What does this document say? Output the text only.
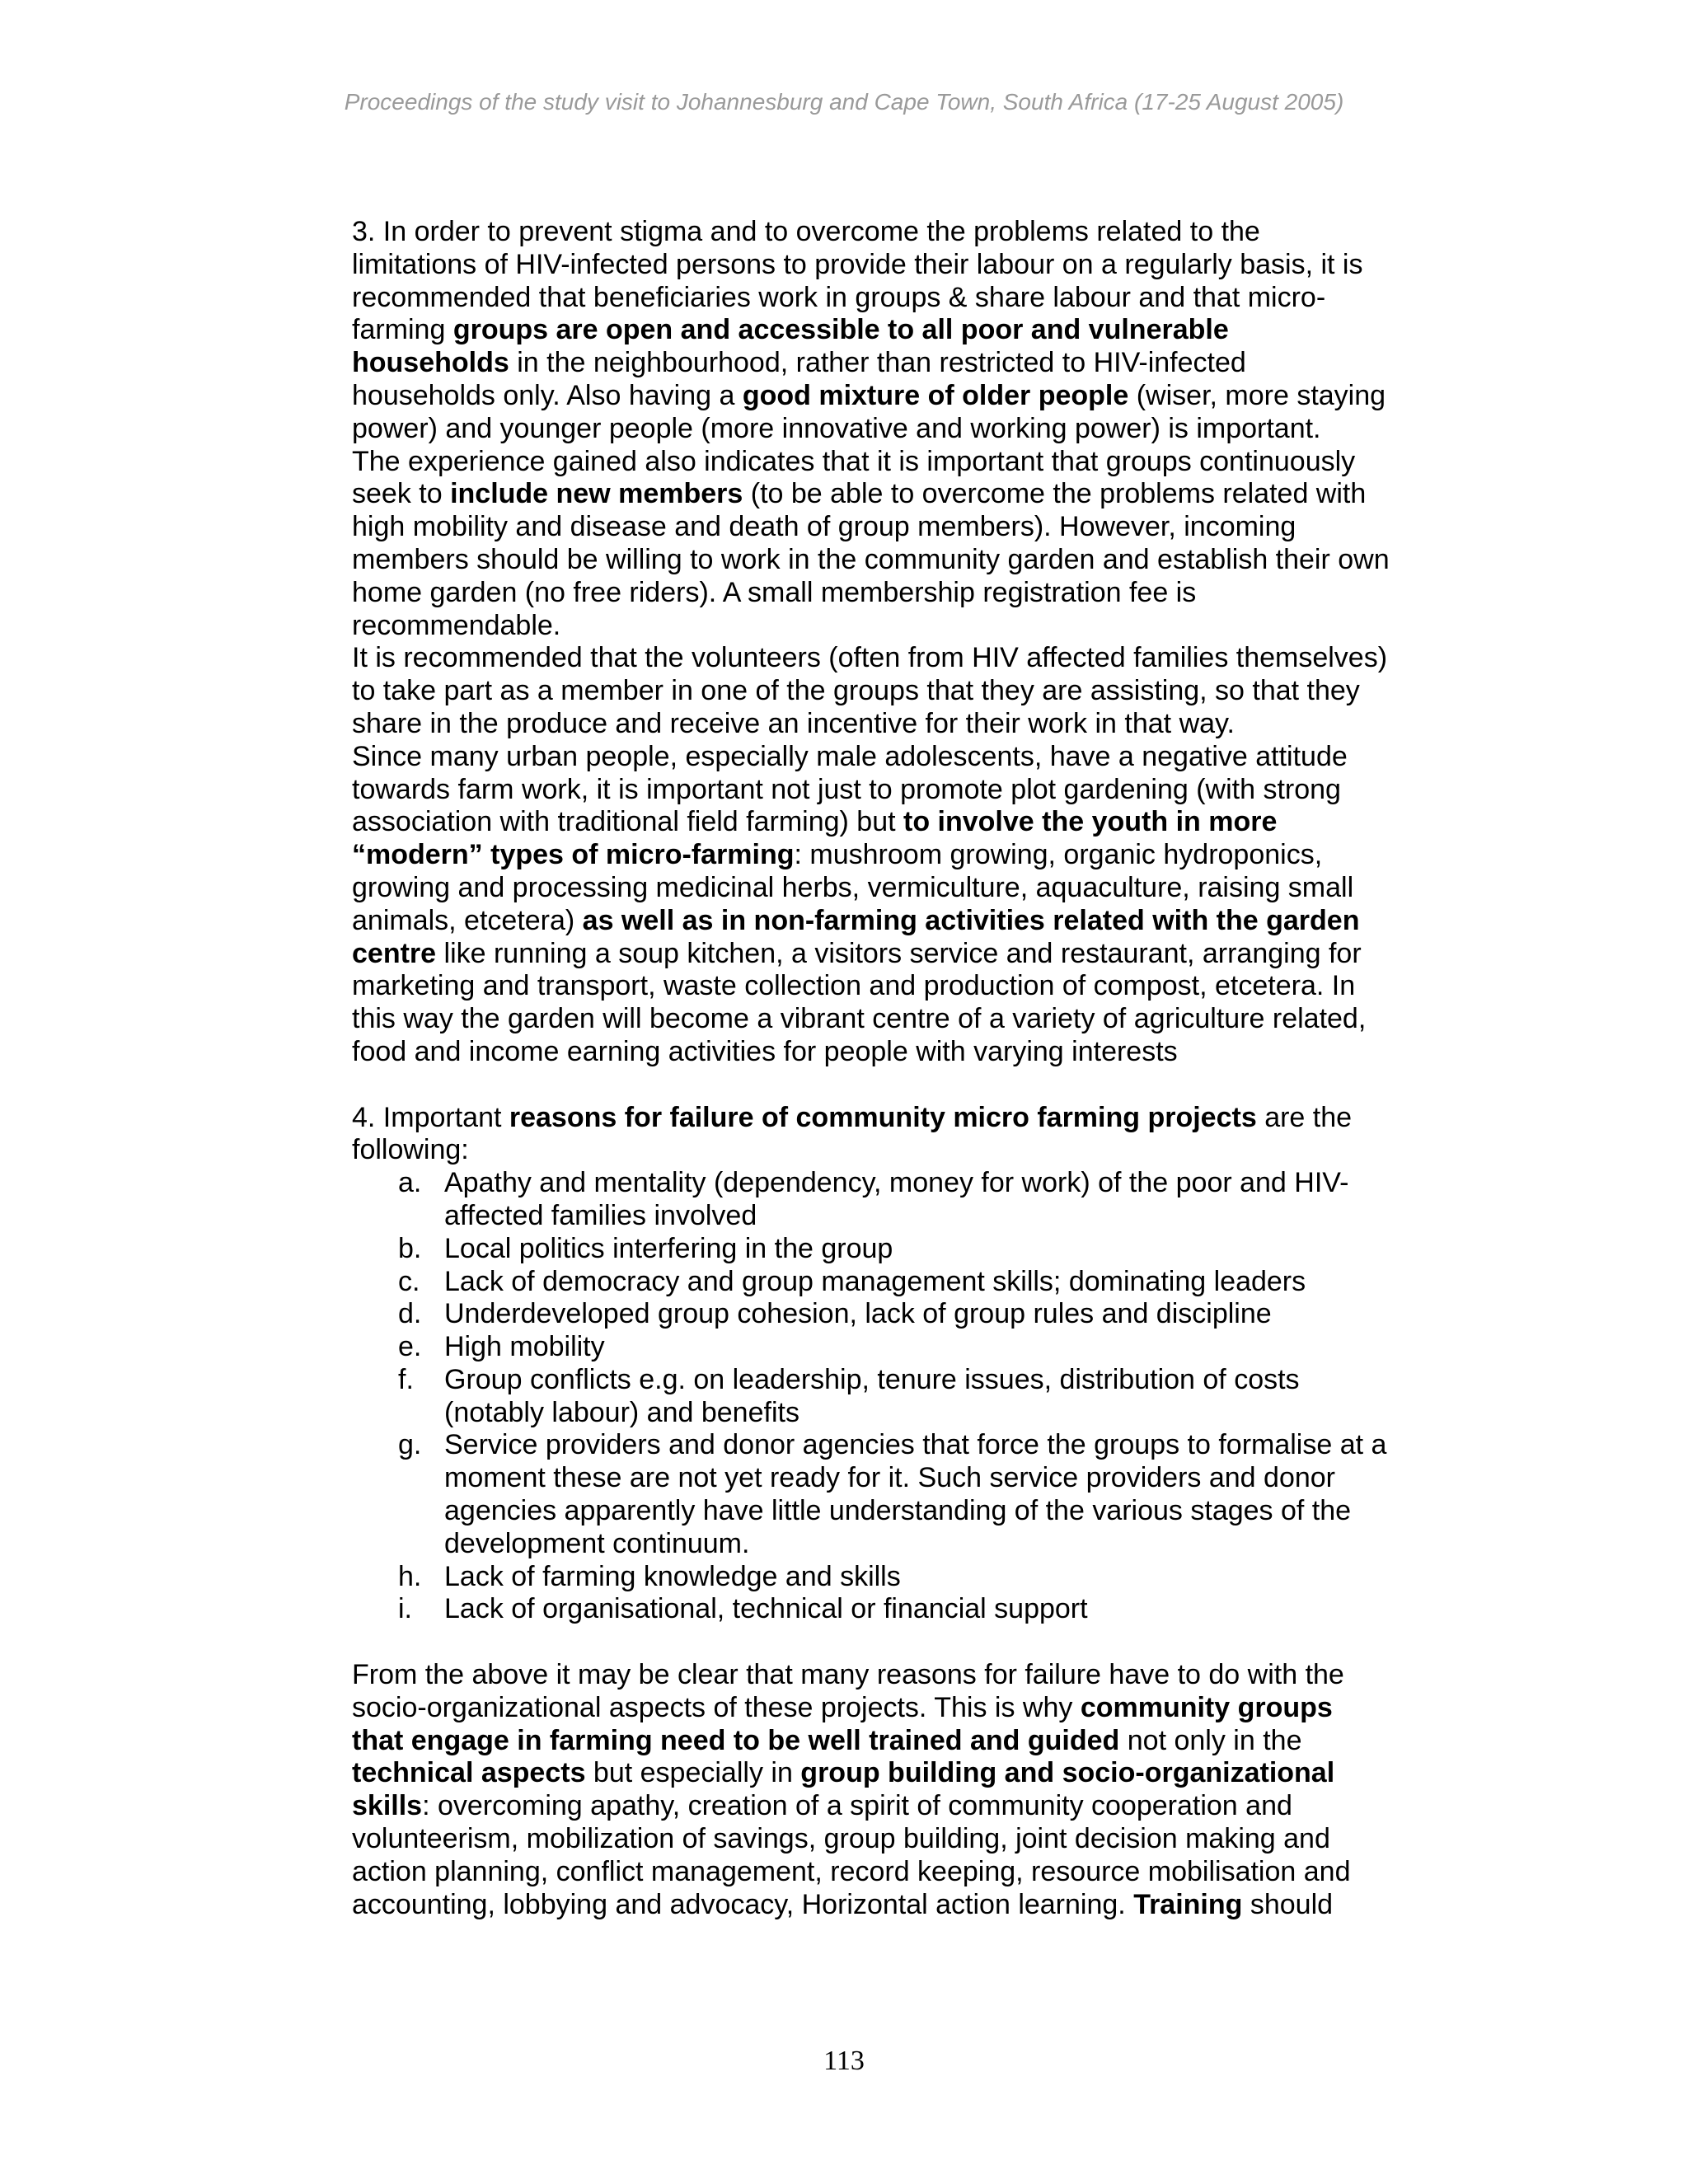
Proceedings of the study visit to Johannesburg and Cape Town, South Africa (17-25 August 2005)

3. In order to prevent stigma and to overcome the problems related to the limitations of HIV-infected persons to provide their labour on a regularly basis, it is recommended that beneficiaries work in groups & share labour and that micro-farming groups are open and accessible to all poor and vulnerable households in the neighbourhood, rather than restricted to HIV-infected households only. Also having a good mixture of older people (wiser, more staying power) and younger people (more innovative and working power) is important.

The experience gained also indicates that it is important that groups continuously seek to include new members (to be able to overcome the problems related with high mobility and disease and death of group members). However, incoming members should be willing to work in the community garden and establish their own home garden (no free riders). A small membership registration fee is recommendable.

It is recommended that the volunteers (often from HIV affected families themselves) to take part as a member in one of the groups that they are assisting, so that they share in the produce and receive an incentive for their work in that way.

Since many urban people, especially male adolescents, have a negative attitude towards farm work, it is important not just to promote plot gardening (with strong association with traditional field farming) but to involve the youth in more “modern” types of micro-farming: mushroom growing, organic hydroponics, growing and processing medicinal herbs, vermiculture, aquaculture, raising small animals, etcetera) as well as in non-farming activities related with the garden centre like running a soup kitchen, a visitors service and restaurant, arranging for marketing and transport, waste collection and production of compost, etcetera. In this way the garden will become a vibrant centre of a variety of agriculture related, food and income earning activities for people with varying interests

4. Important reasons for failure of community micro farming projects are the following:

a. Apathy and mentality (dependency, money for work) of the poor and HIV-affected families involved
b. Local politics interfering in the group
c. Lack of democracy and group management skills; dominating leaders
d. Underdeveloped group cohesion, lack of group rules and discipline
e. High mobility
f. Group conflicts e.g. on leadership, tenure issues, distribution of costs (notably labour) and benefits
g. Service providers and donor agencies that force the groups to formalise at a moment these are not yet ready for it. Such service providers and donor agencies apparently have little understanding of the various stages of the development continuum.
h. Lack of farming knowledge and skills
i. Lack of organisational, technical or financial support

From the above it may be clear that many reasons for failure have to do with the socio-organizational aspects of these projects. This is why community groups that engage in farming need to be well trained and guided not only in the technical aspects but especially in group building and socio-organizational skills: overcoming apathy, creation of a spirit of community cooperation and volunteerism, mobilization of savings, group building, joint decision making and action planning, conflict management, record keeping, resource mobilisation and accounting, lobbying and advocacy, Horizontal action learning. Training should

113
